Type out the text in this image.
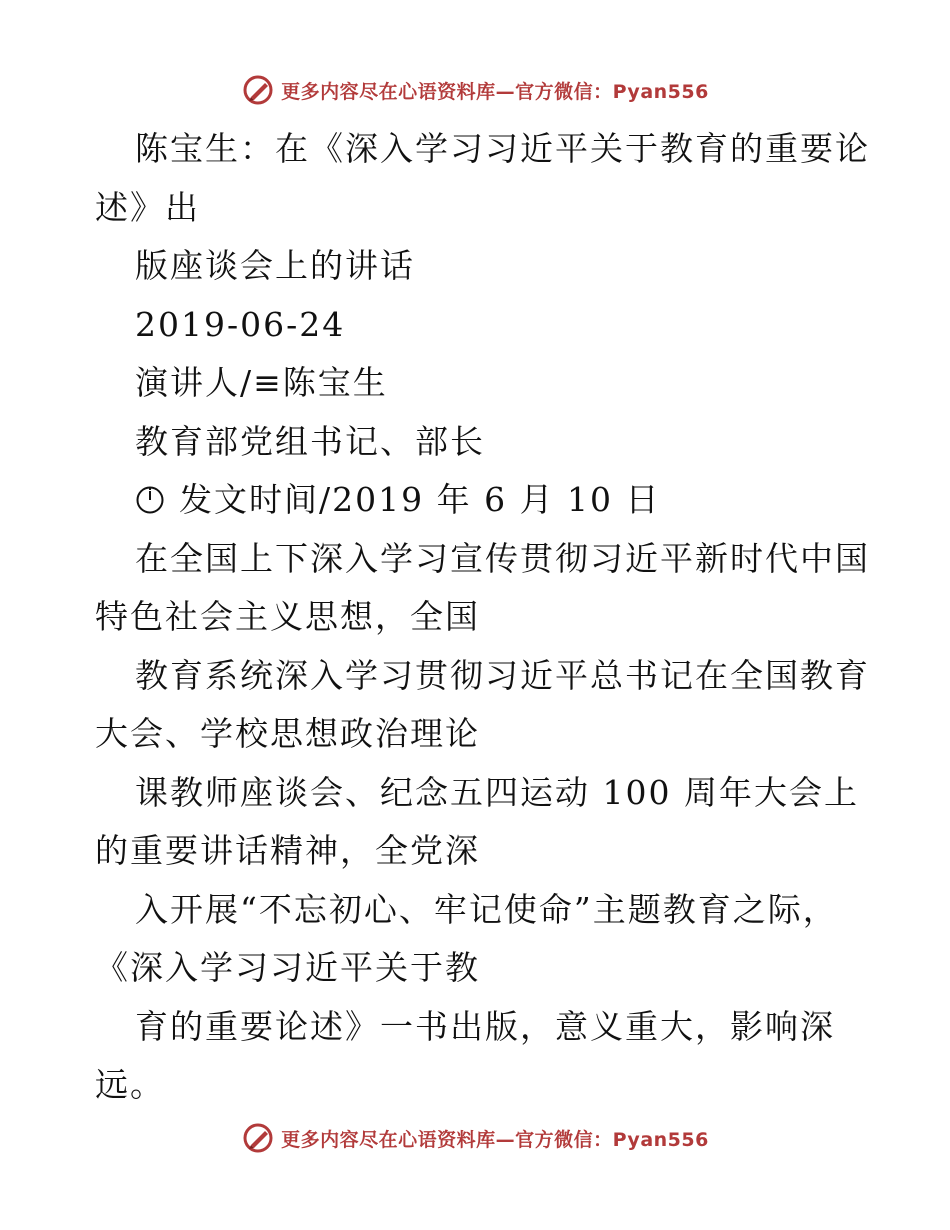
更多内容尽在心语资料库—官方微信：Pyan556
陈宝生：在《深入学习习近平关于教育的重要论
述》出
版座谈会上的讲话
2019-06-24
演讲人/≡陈宝生
教育部党组书记、部长
发文时间/2019 年 6 月 10 日
在全国上下深入学习宣传贯彻习近平新时代中国
特色社会主义思想，全国
教育系统深入学习贯彻习近平总书记在全国教育
大会、学校思想政治理论
课教师座谈会、纪念五四运动 100 周年大会上
的重要讲话精神，全党深
入开展“不忘初心、牢记使命”主题教育之际，
《深入学习习近平关于教
育的重要论述》一书出版，意义重大，影响深
远。
更多内容尽在心语资料库—官方微信：Pyan556
